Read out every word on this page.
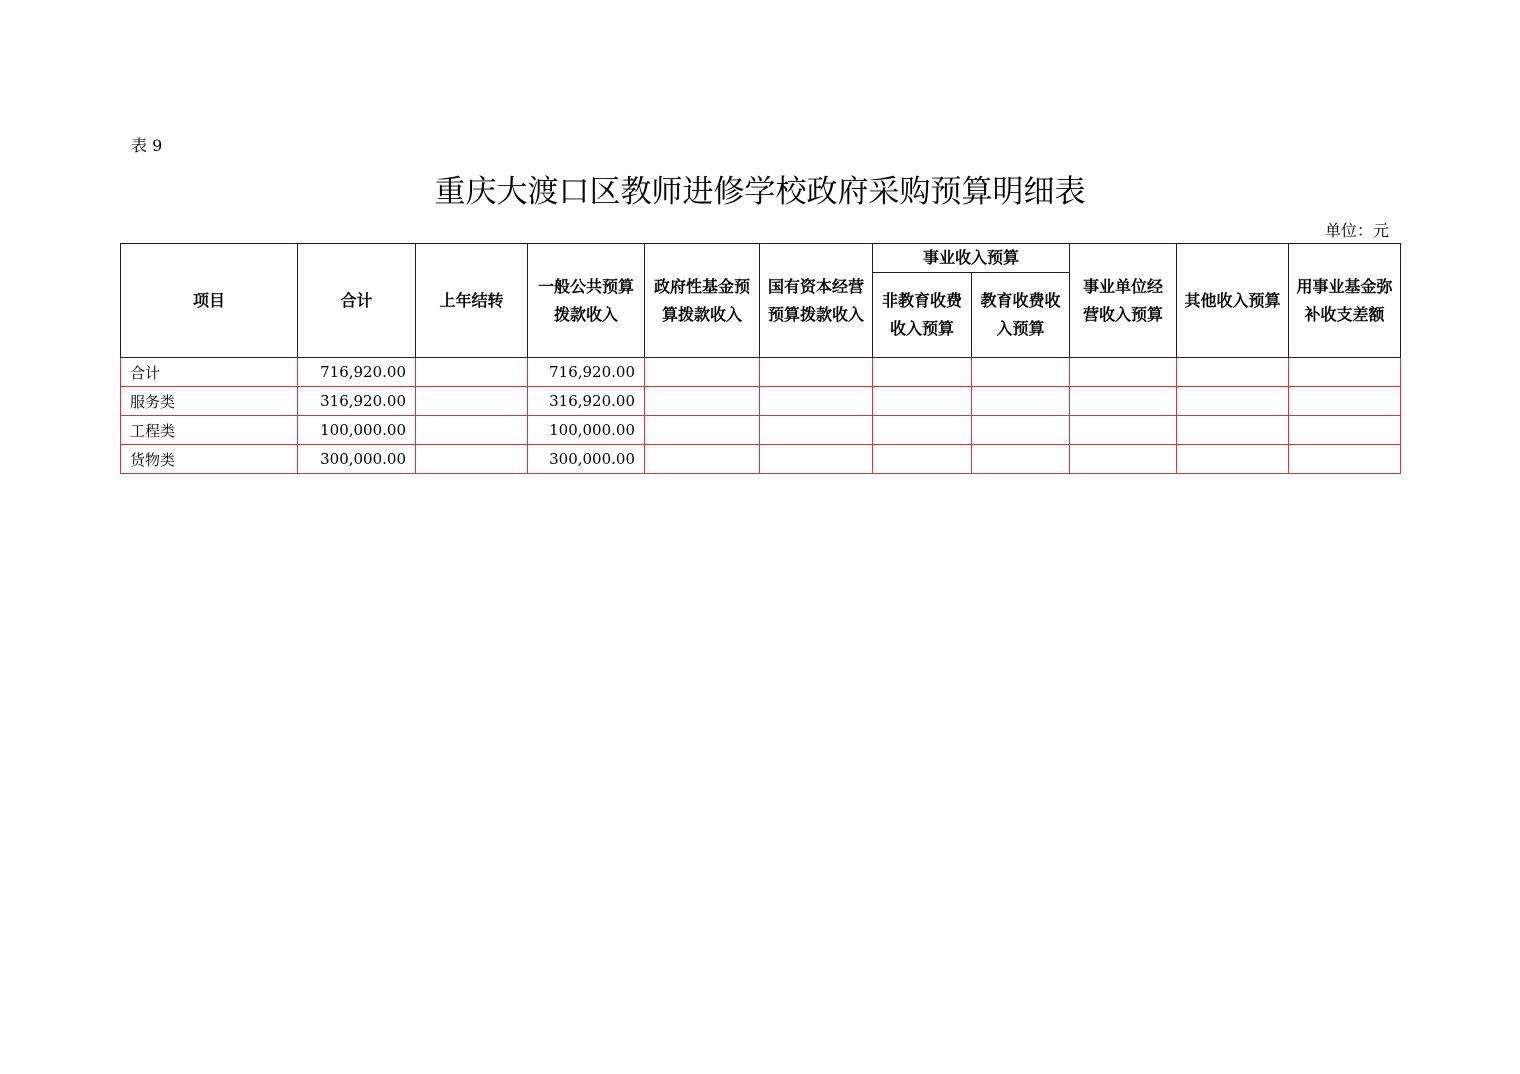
表 9
重庆大渡口区教师进修学校政府采购预算明细表
单位：元
项目	合计	上年结转	一般公共预算拨款收入	政府性基金预算拨款收入	国有资本经营预算拨款收入	事业收入预算		事业单位经营收入预算	其他收入预算	用事业基金弥补收支差额
						非教育收费收入预算	教育收费收入预算			
合计	716,920.00		716,920.00							
服务类	316,920.00		316,920.00							
工程类	100,000.00		100,000.00							
货物类	300,000.00		300,000.00							
